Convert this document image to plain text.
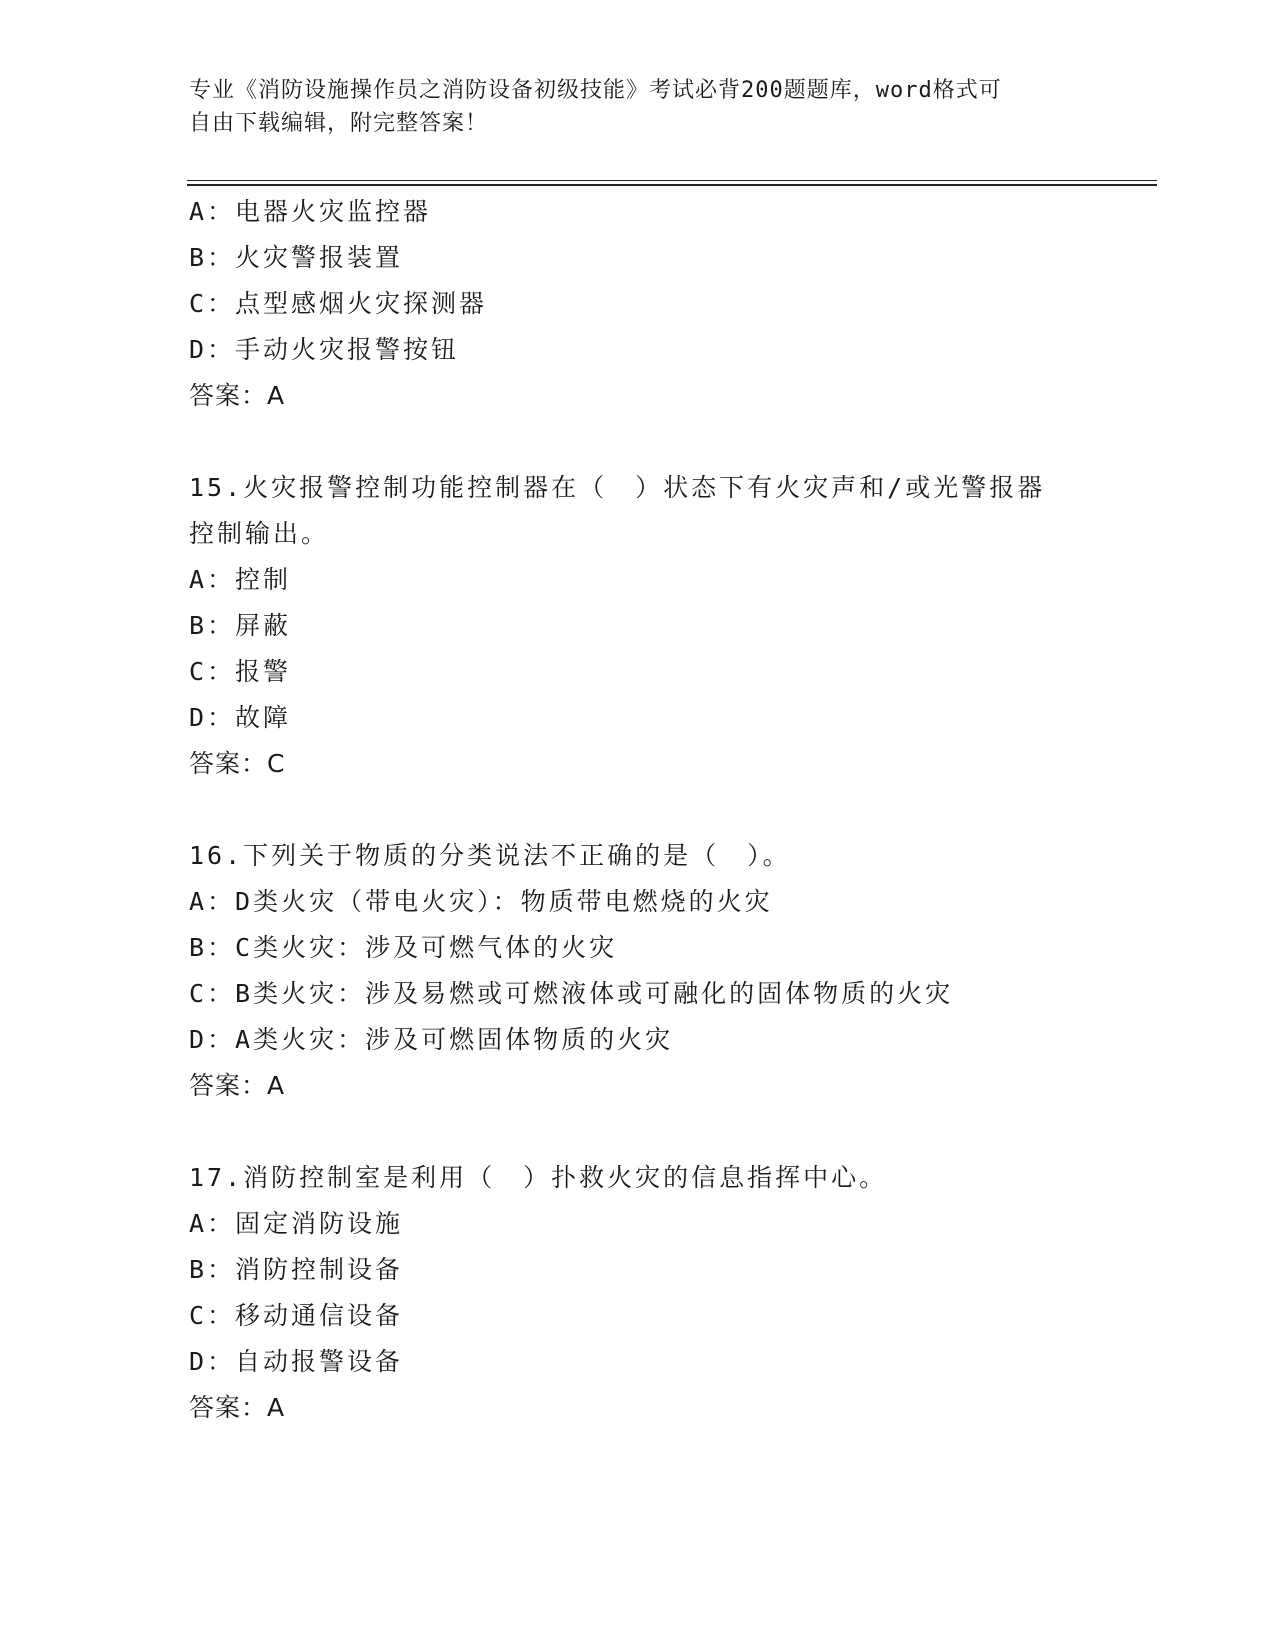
专业《消防设施操作员之消防设备初级技能》考试必背200题题库，word格式可
自由下载编辑，附完整答案！
A：电器火灾监控器
B：火灾警报装置
C：点型感烟火灾探测器
D：手动火灾报警按钮
答案：A
15.火灾报警控制功能控制器在（　）状态下有火灾声和/或光警报器
控制输出。
A：控制
B：屏蔽
C：报警
D：故障
答案：C
16.下列关于物质的分类说法不正确的是（　）。
A：D类火灾（带电火灾）：物质带电燃烧的火灾
B：C类火灾：涉及可燃气体的火灾
C：B类火灾：涉及易燃或可燃液体或可融化的固体物质的火灾
D：A类火灾：涉及可燃固体物质的火灾
答案：A
17.消防控制室是利用（　）扑救火灾的信息指挥中心。
A：固定消防设施
B：消防控制设备
C：移动通信设备
D：自动报警设备
答案：A
